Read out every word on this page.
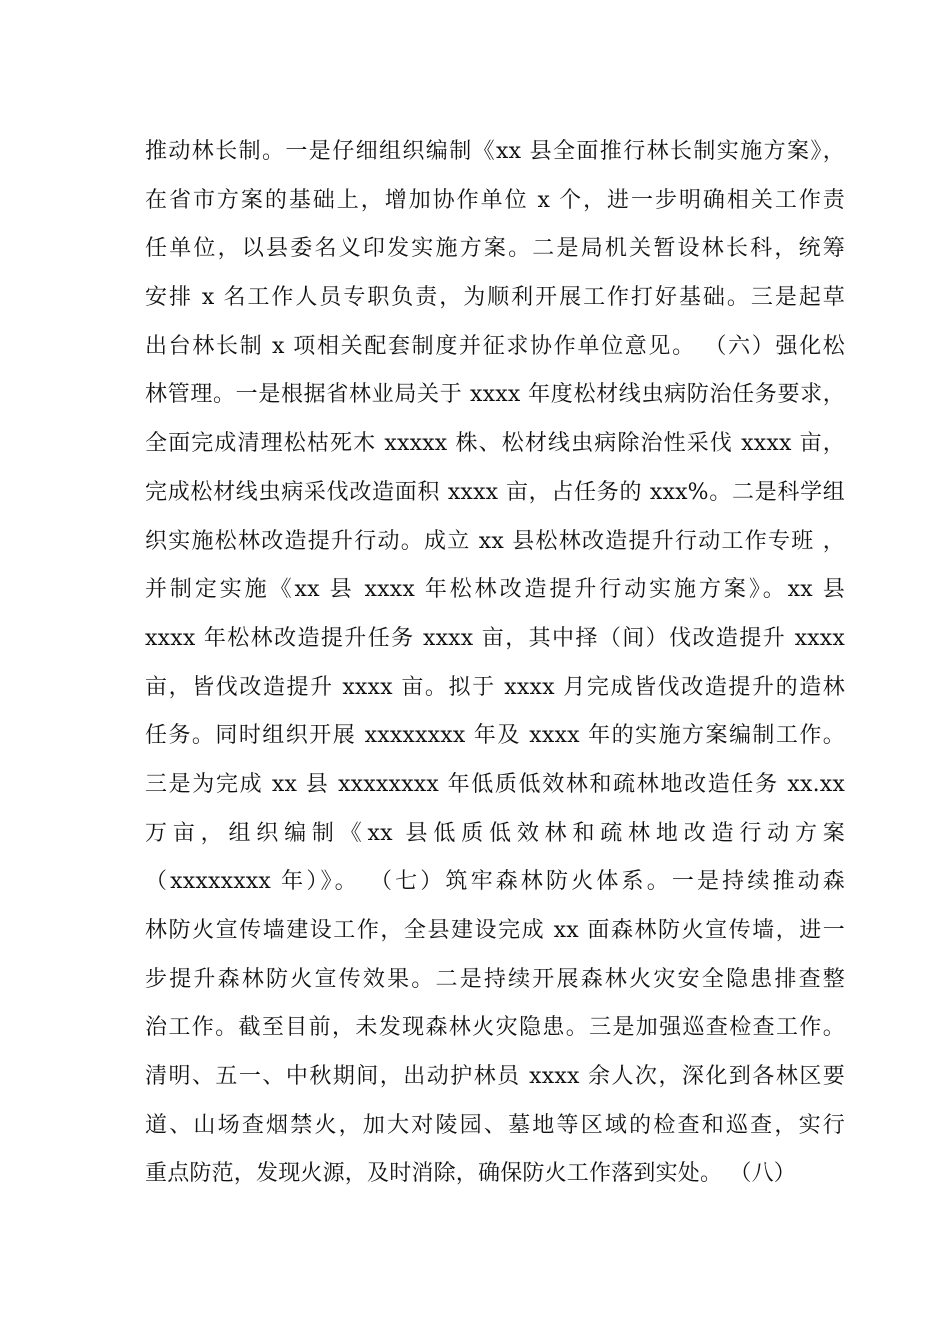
推动林长制。一是仔细组织编制《xx 县全面推行林长制实施方案》，
在省市方案的基础上，增加协作单位 x 个，进一步明确相关工作责
任单位，以县委名义印发实施方案。二是局机关暂设林长科，统筹
安排 x 名工作人员专职负责，为顺利开展工作打好基础。三是起草
出台林长制 x 项相关配套制度并征求协作单位意见。 （六）强化松
林管理。一是根据省林业局关于 xxxx 年度松材线虫病防治任务要求，
全面完成清理松枯死木 xxxxx 株、松材线虫病除治性采伐 xxxx 亩，
完成松材线虫病采伐改造面积 xxxx 亩，占任务的 xxx%。二是科学组
织实施松林改造提升行动。成立 xx 县松林改造提升行动工作专班 ，
并制定实施《xx 县 xxxx 年松林改造提升行动实施方案》。xx 县
xxxx 年松林改造提升任务 xxxx 亩，其中择（间）伐改造提升 xxxx
亩，皆伐改造提升 xxxx 亩。拟于 xxxx 月完成皆伐改造提升的造林
任务。同时组织开展 xxxxxxxx 年及 xxxx 年的实施方案编制工作。
三是为完成 xx 县 xxxxxxxx 年低质低效林和疏林地改造任务 xx.xx
万亩，组织编制《xx 县低质低效林和疏林地改造行动方案
（xxxxxxxx 年）》。 （七）筑牢森林防火体系。一是持续推动森
林防火宣传墙建设工作，全县建设完成 xx 面森林防火宣传墙，进一
步提升森林防火宣传效果。二是持续开展森林火灾安全隐患排查整
治工作。截至目前，未发现森林火灾隐患。三是加强巡查检查工作。
清明、五一、中秋期间，出动护林员 xxxx 余人次，深化到各林区要
道、山场查烟禁火，加大对陵园、墓地等区域的检查和巡查，实行
重点防范，发现火源，及时消除，确保防火工作落到实处。 （八）
